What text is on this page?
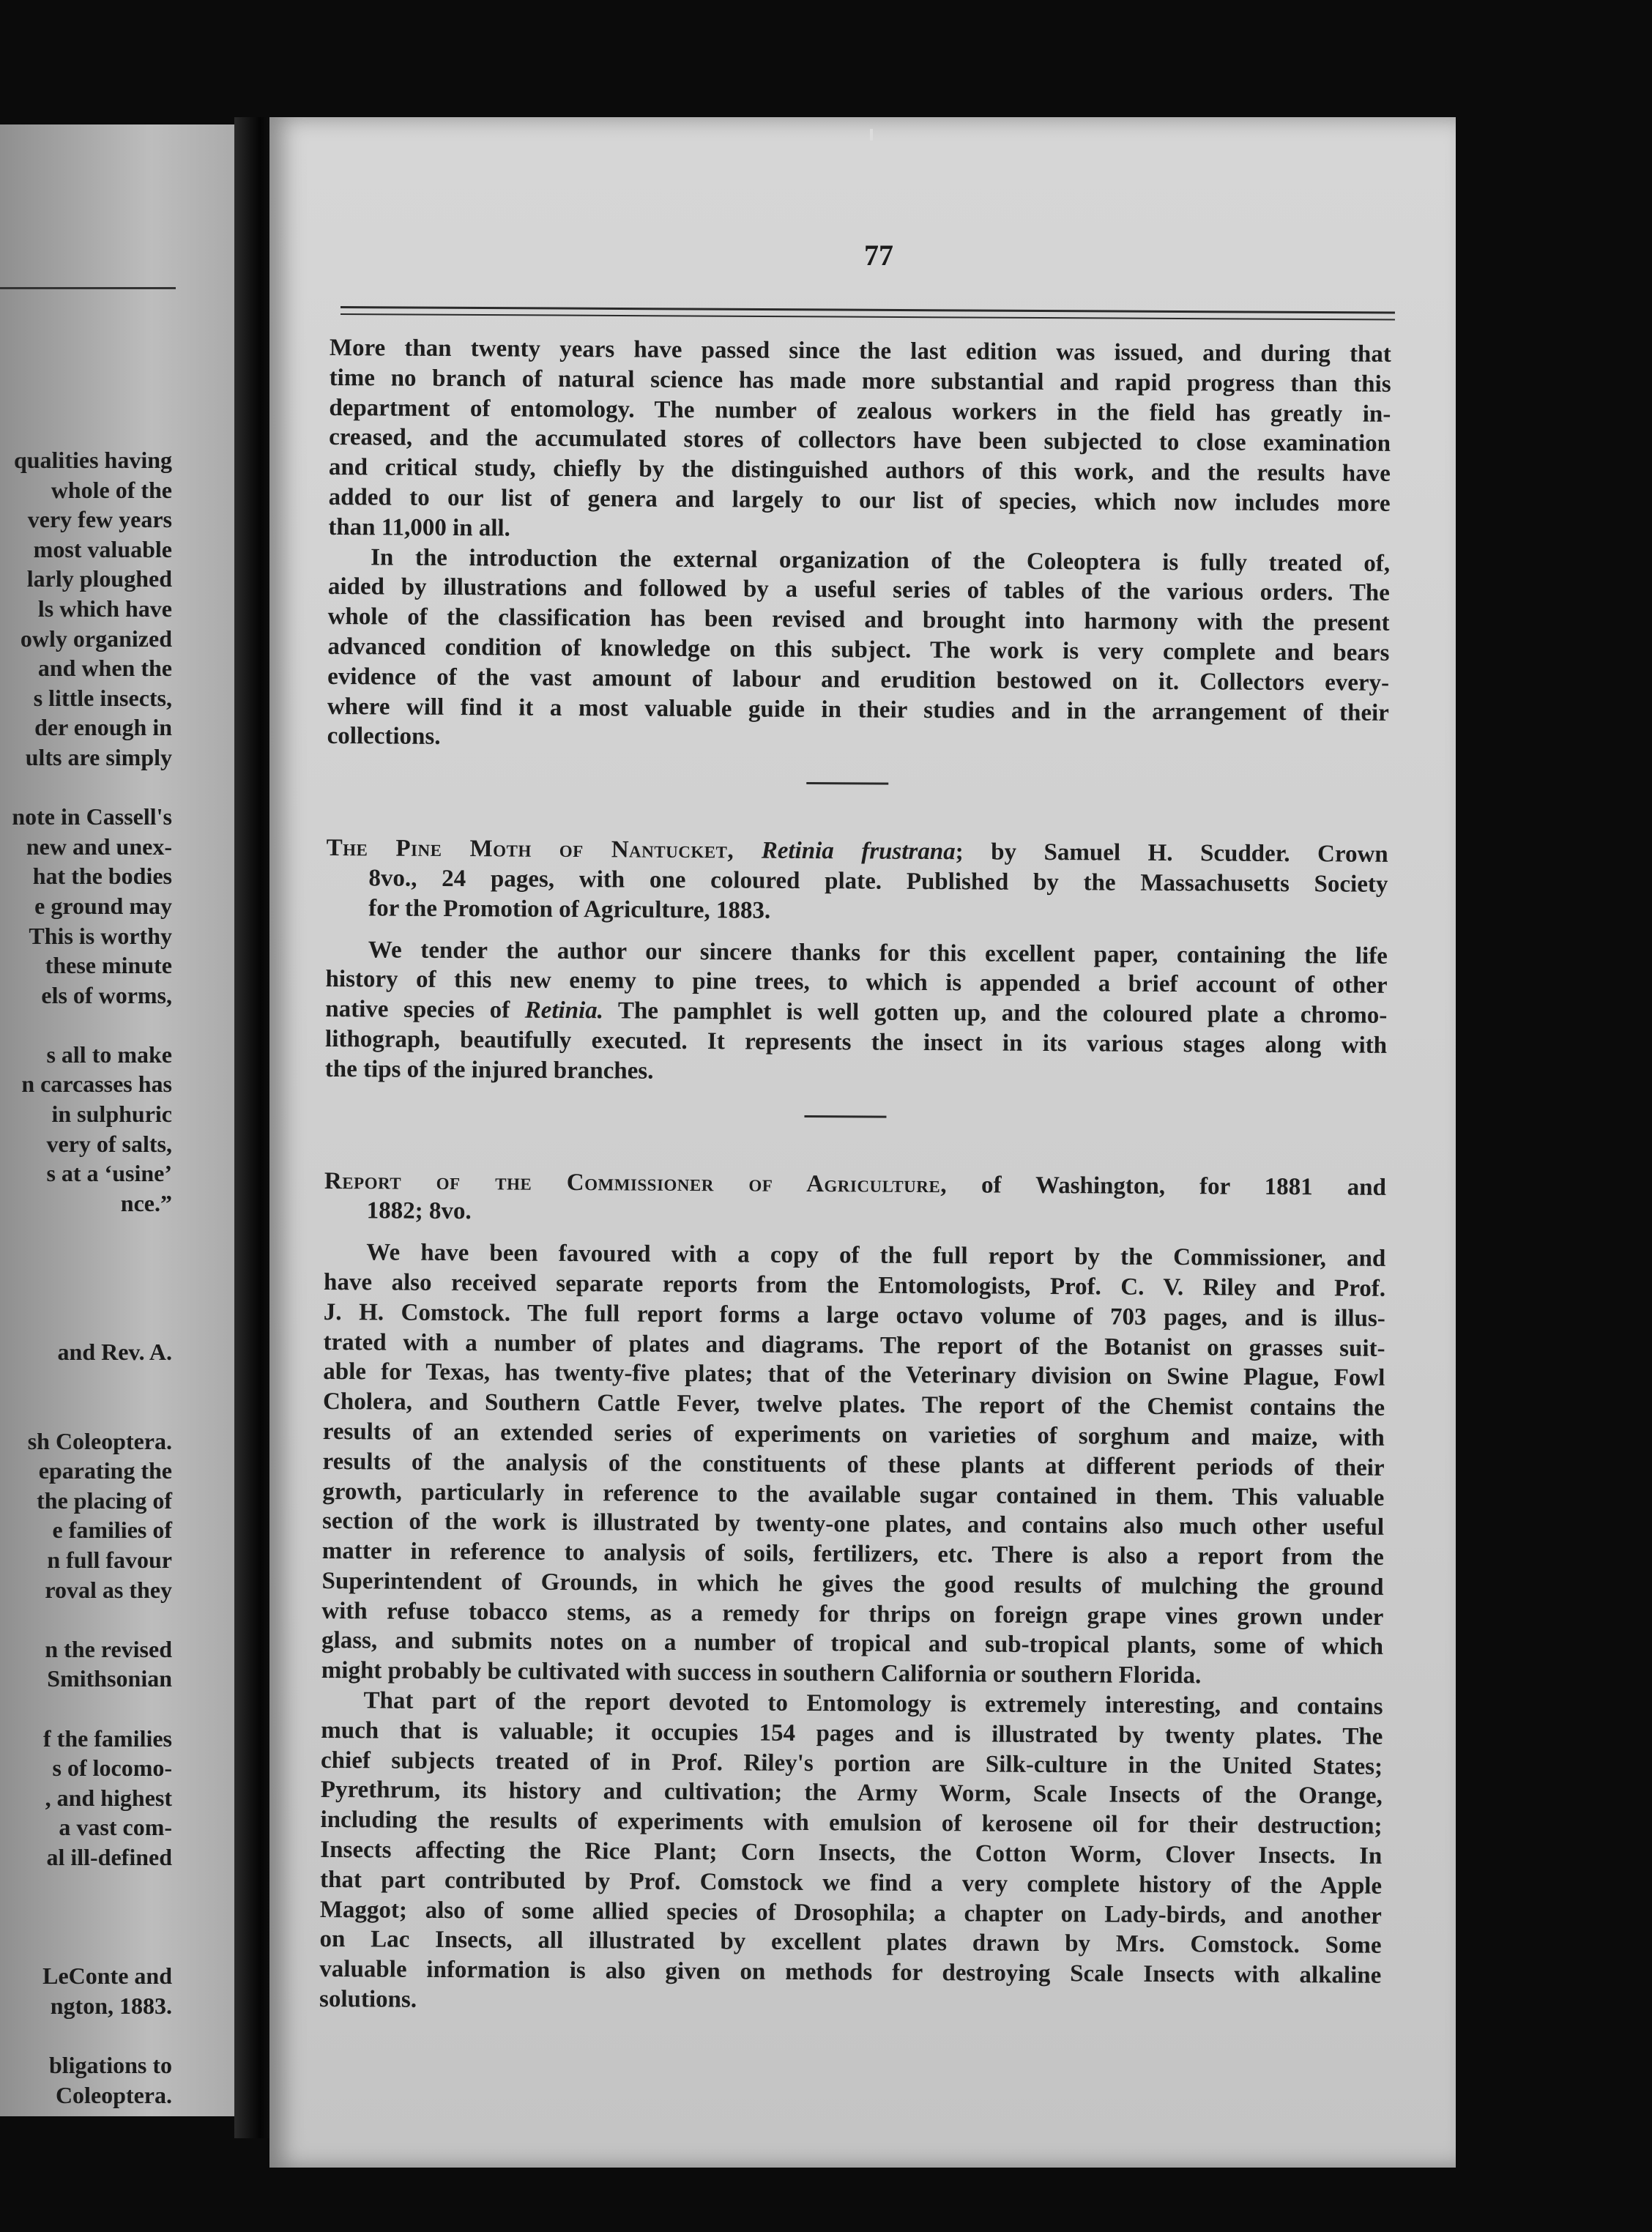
qualities having
whole of the
very few years
most valuable
larly ploughed
ls which have
owly organized
and when the
s little insects,
der enough in
ults are simply
note in Cassell's
new and unex-
hat the bodies
e ground may
This is worthy
these minute
els of worms,
s all to make
n carcasses has
in sulphuric
very of salts,
s at a ‘usine’
nce.”
and Rev. A.
sh Coleoptera.
eparating the
the placing of
e families of
n full favour
roval as they
n the revised
Smithsonian
f the families
s of locomo-
, and highest
a vast com-
al ill-defined
LeConte and
ngton, 1883.
bligations to
Coleoptera.
77
More than twenty years have passed since the last edition was issued, and during that
time no branch of natural science has made more substantial and rapid progress than this
department of entomology. The number of zealous workers in the field has greatly in-
creased, and the accumulated stores of collectors have been subjected to close examination
and critical study, chiefly by the distinguished authors of this work, and the results have
added to our list of genera and largely to our list of species, which now includes more
than 11,000 in all.
In the introduction the external organization of the Coleoptera is fully treated of,
aided by illustrations and followed by a useful series of tables of the various orders. The
whole of the classification has been revised and brought into harmony with the present
advanced condition of knowledge on this subject. The work is very complete and bears
evidence of the vast amount of labour and erudition bestowed on it. Collectors every-
where will find it a most valuable guide in their studies and in the arrangement of their
collections.
The Pine Moth of Nantucket, Retinia frustrana; by Samuel H. Scudder. Crown
8vo., 24 pages, with one coloured plate. Published by the Massachusetts Society
for the Promotion of Agriculture, 1883.
We tender the author our sincere thanks for this excellent paper, containing the life
history of this new enemy to pine trees, to which is appended a brief account of other
native species of Retinia. The pamphlet is well gotten up, and the coloured plate a chromo-
lithograph, beautifully executed. It represents the insect in its various stages along with
the tips of the injured branches.
Report of the Commissioner of Agriculture, of Washington, for 1881 and
1882; 8vo.
We have been favoured with a copy of the full report by the Commissioner, and
have also received separate reports from the Entomologists, Prof. C. V. Riley and Prof.
J. H. Comstock. The full report forms a large octavo volume of 703 pages, and is illus-
trated with a number of plates and diagrams. The report of the Botanist on grasses suit-
able for Texas, has twenty-five plates; that of the Veterinary division on Swine Plague, Fowl
Cholera, and Southern Cattle Fever, twelve plates. The report of the Chemist contains the
results of an extended series of experiments on varieties of sorghum and maize, with
results of the analysis of the constituents of these plants at different periods of their
growth, particularly in reference to the available sugar contained in them. This valuable
section of the work is illustrated by twenty-one plates, and contains also much other useful
matter in reference to analysis of soils, fertilizers, etc. There is also a report from the
Superintendent of Grounds, in which he gives the good results of mulching the ground
with refuse tobacco stems, as a remedy for thrips on foreign grape vines grown under
glass, and submits notes on a number of tropical and sub-tropical plants, some of which
might probably be cultivated with success in southern California or southern Florida.
That part of the report devoted to Entomology is extremely interesting, and contains
much that is valuable; it occupies 154 pages and is illustrated by twenty plates. The
chief subjects treated of in Prof. Riley's portion are Silk-culture in the United States;
Pyrethrum, its history and cultivation; the Army Worm, Scale Insects of the Orange,
including the results of experiments with emulsion of kerosene oil for their destruction;
Insects affecting the Rice Plant; Corn Insects, the Cotton Worm, Clover Insects. In
that part contributed by Prof. Comstock we find a very complete history of the Apple
Maggot; also of some allied species of Drosophila; a chapter on Lady-birds, and another
on Lac Insects, all illustrated by excellent plates drawn by Mrs. Comstock. Some
valuable information is also given on methods for destroying Scale Insects with alkaline
solutions.
